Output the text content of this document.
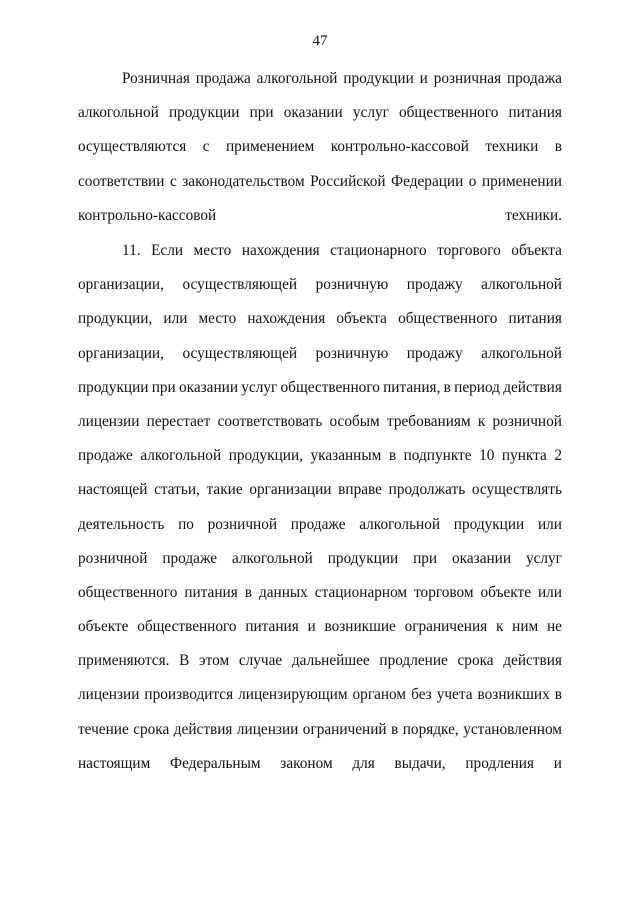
47
Розничная продажа алкогольной продукции и розничная продажа
алкогольной продукции при оказании услуг общественного питания
осуществляются с применением контрольно-кассовой техники в
соответствии с законодательством Российской Федерации о применении
контрольно-кассовой техники.
11. Если место нахождения стационарного торгового объекта
организации, осуществляющей розничную продажу алкогольной
продукции, или место нахождения объекта общественного питания
организации, осуществляющей розничную продажу алкогольной
продукции при оказании услуг общественного питания, в период действия
лицензии перестает соответствовать особым требованиям к розничной
продаже алкогольной продукции, указанным в подпункте 10 пункта 2
настоящей статьи, такие организации вправе продолжать осуществлять
деятельность по розничной продаже алкогольной продукции или
розничной продаже алкогольной продукции при оказании услуг
общественного питания в данных стационарном торговом объекте или
объекте общественного питания и возникшие ограничения к ним не
применяются. В этом случае дальнейшее продление срока действия
лицензии производится лицензирующим органом без учета возникших в
течение срока действия лицензии ограничений в порядке, установленном
настоящим Федеральным законом для выдачи, продления и
